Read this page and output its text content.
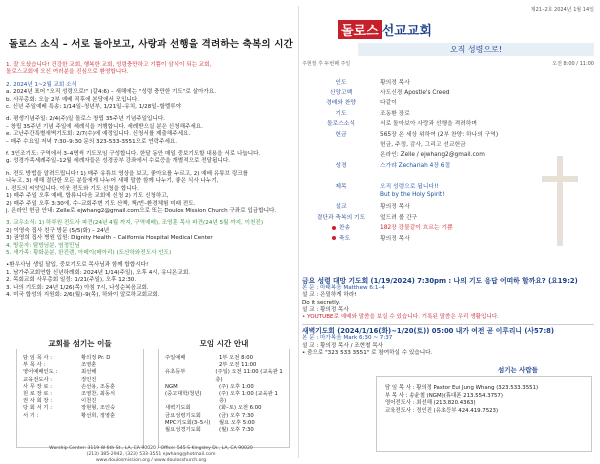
돌로스 소식 – 서로 돌아보고, 사랑과 선행을 격려하는 축복의 시간

1. 잘 오셨습니다! 건강한 교회, 행복한 교회, 성령충만하고 기쁨이 삼식이 되는 교회,

돌로스교회에 오신 여러분을 진심으로 환영합니다.

2. 2024년 1~2월 교회 소식

a. 2024년 표어 "오직 성령으로!" (갈4:6) – 새해에는 "성령 충만한 기도"로 살아가요.

b. 사무총회: 오늘 2부 예배 직후에 본당에서 모입니다.

c. 신년 주일예배 특송: 1/14일–청년부, 1/21일–유치, 1/28일–할렐루야

d. 평생기념주일: 2/4(주)일 돌로스 창립 35주년 기념주일입니다.

– 창립 35주년 기념 주일에 세례식을 거행합니다. 세례받으실 분은 신청해주세요.

e. 고난주간특별새벽기도회: 2/7(수)에 예정입니다. 신청서를 제출해주세요.

– 매주 수요일 저녁 7:30–9:30 문의 323-533-3551으로 연락주세요.

f. 3인조기도: 구역에서 3–4명씩 기도모임 구성합니다. 한달 동안 매일 중보기도할 내용을 서로 나눕니다.

g. 성경가족세례주일–12월 세례자들은 성경공부 강좌에서 수료증을 개별적으로 전달됩니다.

h. 전도 방법을 알려드립니다! 1) 매주 유튜브 영상을 보고, 좋아요를 누르고, 2) 예배 유튜브 링크를

나누고, 3) 새해 결단한 모든 분들에게 나누어 새해 말씀 함께 나누기, 좋은 식사 나누기,

i. 전도의 씨앗입니다. 이웃 전도와 기도 신청을 합니다.

1) 매주 주일 오후 예배, 합류니다음 교회에 신청 2) 기도 신청하고,

2) 매주 주일 오후 3:30에, 수–교회주변 기도 산책, 책/빈–환경체험 미래 전도.

j. 온라인 헌금 안내: Zelle로 ejwhang2@gmail.com으로 또는 Doulos Mission Church 구좌로 입금합니다.

3. 교우소식: 1) 하루원 전도사 파견(24년 4월 까지, 구역예배), 조영훈 목사 파견(24년 5월 까지, 이천진)

2) 이영숙 집사 친구 방문 (5/5(화) – 24년

3) 권영희 집사 병원 입원: Dignity Health – California Hospital Medical Center

4. 방문자: 탐방님분, 염정민님

5. 새가족: 황화운분, 한진렌, 아메이(메아리) (도산하와전도사 인도)

•환우사님 생일 달입, 중보기도로 목사님과 함께 합합시다!

1. 남가주교회연합 신년하례회: 2024년 1/14(주일), 오후 4시, 유니온교회.

2. 목회교회 사무총회 일정: 1/21(주일), 오후 12:30.

3. 나의 기도회: 24년 1/26(목) 아침 7시, 나성순복음교회.

4. 미국 합성의 지원회: 2/6(월)–9(목), 하와이 알로하교회교회.

담 임 목 사 :	황의정 Pr. D
부 목 사 :	조영훈
영어예배인도 :	최선해
교육전도사 :	정인진
사 무 장 로 :	손선용, 조동훈
원 로 장 로 :	조영찬, 최동식
권 사 회 장 :	이천진
당 회 서 기 :	장현형, 조인숙
서 기 :	황선희, 정영훈
교회를 섬기는 이들
주일예배	1부 오전 8:00
2부 오전 11:00
유초등부	(주일) 오전 11:00 (교육관 1층)
NGM	(주) 오후 1:00
(중고대학/청년)	(주) 오후 1:00 (교육관 1층)
새벽기도회	(화–토) 오전 6:00
금요성령기도회	(금) 오후 7:30
MPC기도회(3–5시)	월요 오후 5:00
월요성경기도회	(월) 오후 7:30
모임 시간 안내
Worship Center: 3119 W 6th St., LA, CA 90020 / Office: 545 S Kingsley Dr., LA, CA 90020
(213) 385-2942, (323) 533-3551 ejwhang@hotmail.com
www.doulosmission.org / www.doulosshurch.org
제21–2호 2024년 1월 14일
돌로스 선교교회
오직 성령으로!
주현절 후 두번째 주일	오전 8:00 / 11:00
인도	황의정 목사
신앙고백	사도신경 Apostle's Creed
경배와 찬양	다같이
기도	조동환 장로
돌로스소식	서로 돌아보아 사랑과 선행을 격려하며
헌금	565장 온 세상 위하여 (2부 찬양: 하나의 구역)
헌금, 주정, 감사, 그리고 선교헌금
온라인: Zelle / ejwhang2@gmail.com
성경	스가랴 Zechariah 4장 6절
제목	오직 성령으로 됩니다!!
But by the Holy Spirit!
설교	황의정 목사
결단과 축복의 기도	엎드려 볼 간구
찬송	182장 강물같이 흐르는 기쁨
축도	황의정 목사
금요 성령 대망 기도회 (1/19/2024) 7:30pm : 나의 기도 응답 어떠하 할까요? (요19:2)
본 문 : 마태복음 Matthew 6:1–4
설 교 : 은밀하게 하라!
Do it secretly.
설 교 : 황의정 목사
• YOUTUBE로 예배와 말씀을 보실 수 있습니다. 기록된 말씀은 우리 생활입니다.
새벽기도회 (2024/1/16(화)~1/20(토)) 05:00 내가 여전 곧 이루리니 (사57:8)
본 문 : 마가복음 Mark 6:30 ~ 7:37
설 교 : 황의정 목사 / 조현철 목사
• 줌으로 "323 533 3551" 로 참여하실 수 있습니다.
섬기는 사람들
담 임 목 사 : 황의정 Pastor Eui Jung Whang (323.533.3551)
부 목 사 : 송윤철 (NGM)(휴대폰 213.554.3757)
영어전도사 : 최선해 (213.820.4363)
교육전도사 : 정인진 (유초등부 424.419.7523)
